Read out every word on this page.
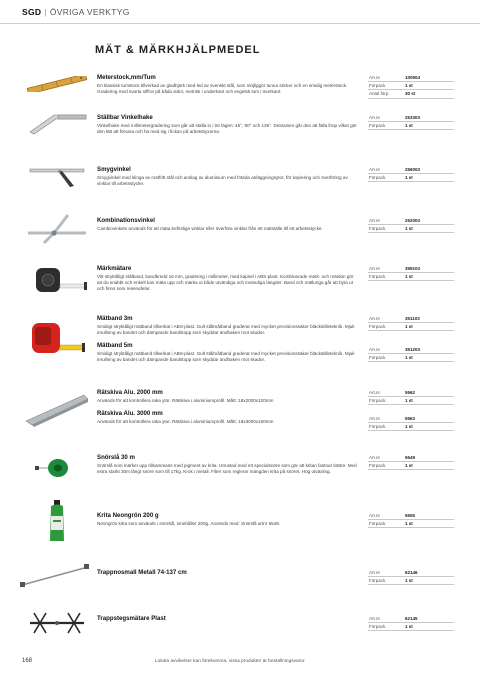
SGD | ÖVRIGA VERKTYG
MÄT & MÄRKHJÄLPMEDEL
Meterstock,mm/Tum
En klassisk tumstock tillverkad av gladbjörk med led av svenskt stål, som möjliggör tunna sticker och en smidig meterstock. Gradering med svarta siffror på båda sidor, metrisk i underkant och engelsk tum i överkant.
Art.nr	100504
Förpack.	1 st
Antal förp.	30 st
Ställbar Vinkelhake
Vinkelhake med millimetergradering som går att ställa in i tre lägen: 45°, 90° och 135°. Dessutom går den att fälla ihop vilket gör den lätt att förvara och ha med sig i fickan på arbetsbyxorna.
Art.nr	253303
Förpack.	1 st
Smygvinkel
Smygvinkel med klinga av rostfritt stål och anslag av aluminium med fräsda anläggningsytor, för kopiering och överföring av vinklar till arbetsstycke.
Art.nr	256003
Förpack.	1 st
Kombinationsvinkel
Cambiovinkeln används för att mäta befintliga vinklar eller överföra vinklar från ett mätställe till ett arbetsstycke.
Art.nr	252003
Förpack.	1 st
Märkmätare
Vitt stryktåligt stålband, bandbredd 16 mm, gradering i millimeter, med kapsel i ABS-plast. Kombinerade märk- och mätdon gör att du snabbt och enkelt kan mäta upp och märka ut både utvändiga och invändiga längder. Band och mätlunga går att byta ut och finns som reservdelar.
Art.nr	359103
Förpack.	1 st
Mätband 3m
Smidigt stryktåligt mätband tillverkat i ABS-plast. Gult stålmåtband graderat med mycket precisionssäker bläckstilletekník. Mjuk inrullning av bandet och dämpande bandstopp som skyddar ändhaken mot skador.
Mätband 5m
Smidigt stryktåligt mätband tillverkat i ABS-plast. Gult stålmåtband graderat med mycket precisionssäker bläckstilletekník. Mjuk inrullning av bandet och dämpande bandstopp som skyddar ändhaken mot skador.
Art.nr	351103
Förpack.	1 st
Art.nr	351203
Förpack.	1 st
Rätskiva Alu. 2000 mm
Används för att kontrollera raka ytor. Rätskiva i aluminiumprofil. Mått: 18x2000x100mm
Rätskiva Alu. 3000 mm
Används för att kontrollera raka ytor. Rätskiva i aluminiumprofil. Mått: 18x3000x100mm
Art.nr	5562
Förpack.	1 st
Art.nr	5563
Förpack.	1 st
Snörslå 30 m
Snörslå som märker upp tillsammans med pigment av krita. Utrustad med ett specialsnöre som gör att kritan fastnar bättre. Med extra starkt 30m långt snöre som till 17kg. Krok i metall. Filter som reglerar mängden krita på snöret. Hög utväxling.
Art.nr	5549
Förpack.	1 st
Krita Neongrön 200 g
Neongrön krita som används i snörslå, innehåller 200g. Används med: Snörslå artnr 5549.
Art.nr	5555
Förpack.	1 st
Trappnosmall Metall 74-137 cm	Art.nr	62146
Förpack.	1 st
Trappstegsmätare Plast	Art.nr	62145
Förpack.	1 st
168	Lokala avvikelser kan förekomma, vissa produkter är beställningsvaror.
